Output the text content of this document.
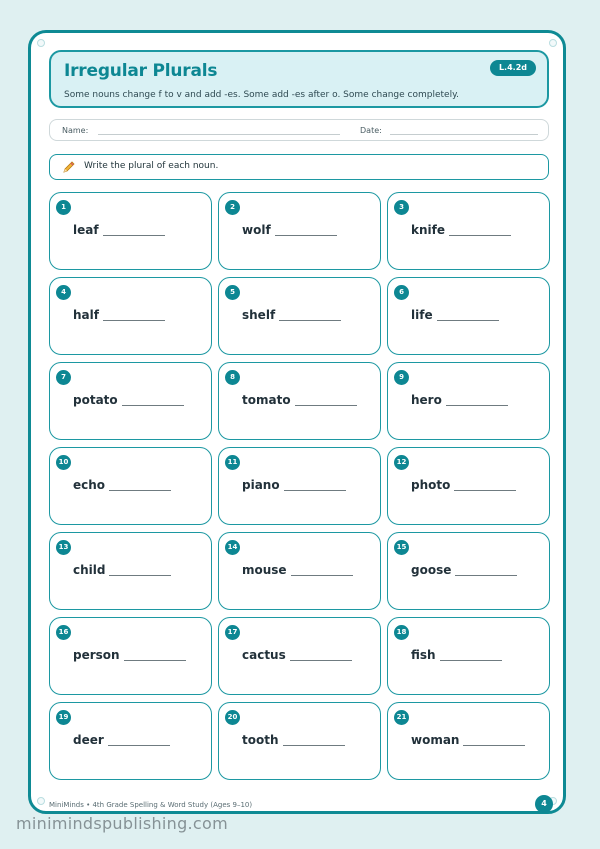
Irregular Plurals	L.4.2d
Some nouns change f to v and add -es. Some add -es after o. Some change completely.
Name:	Date:
Write the plural of each noun.
1
leaf
2
wolf
3
knife
4
half
5
shelf
6
life
7
potato
8
tomato
9
hero
10
echo
11
piano
12
photo
13
child
14
mouse
15
goose
16
person
17
cactus
18
fish
19
deer
20
tooth
21
woman
MiniMinds • 4th Grade Spelling & Word Study (Ages 9–10)	4
minimindspublishing.com
